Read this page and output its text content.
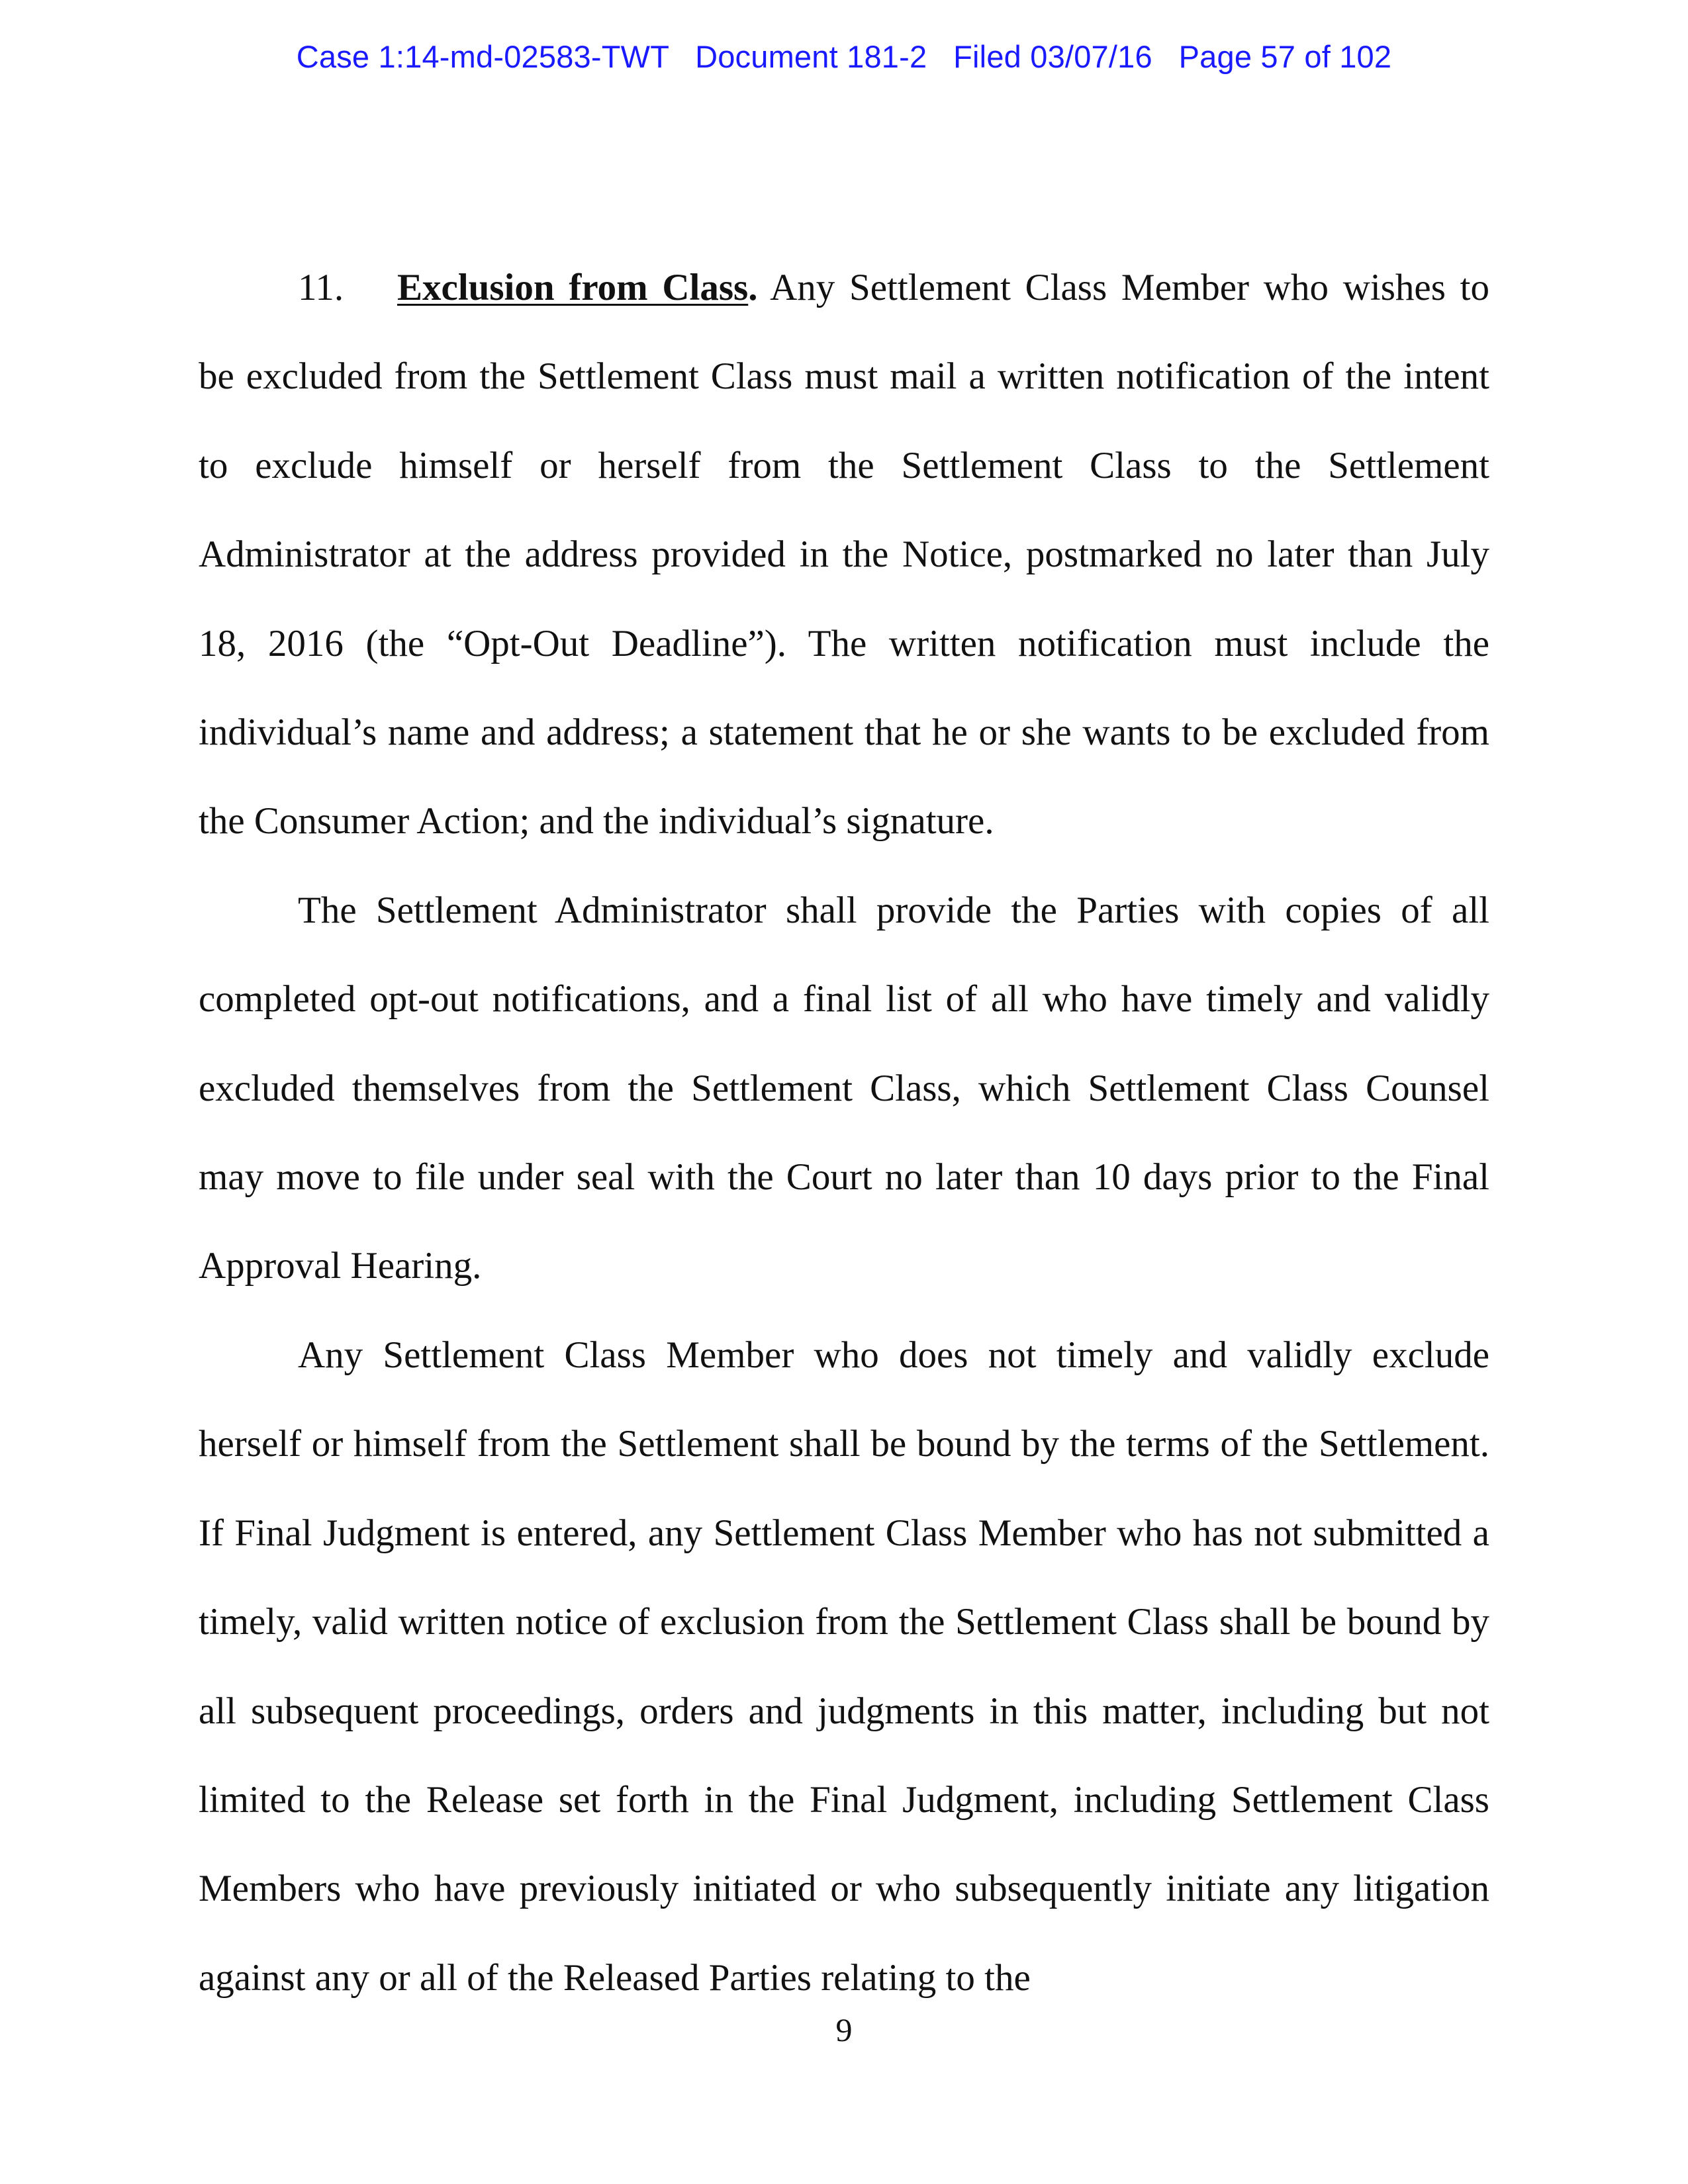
Case 1:14-md-02583-TWT Document 181-2 Filed 03/07/16 Page 57 of 102

11. Exclusion from Class. Any Settlement Class Member who wishes to be excluded from the Settlement Class must mail a written notification of the intent to exclude himself or herself from the Settlement Class to the Settlement Administrator at the address provided in the Notice, postmarked no later than July 18, 2016 (the “Opt-Out Deadline”). The written notification must include the individual’s name and address; a statement that he or she wants to be excluded from the Consumer Action; and the individual’s signature.

The Settlement Administrator shall provide the Parties with copies of all completed opt-out notifications, and a final list of all who have timely and validly excluded themselves from the Settlement Class, which Settlement Class Counsel may move to file under seal with the Court no later than 10 days prior to the Final Approval Hearing.

Any Settlement Class Member who does not timely and validly exclude herself or himself from the Settlement shall be bound by the terms of the Settlement. If Final Judgment is entered, any Settlement Class Member who has not submitted a timely, valid written notice of exclusion from the Settlement Class shall be bound by all subsequent proceedings, orders and judgments in this matter, including but not limited to the Release set forth in the Final Judgment, including Settlement Class Members who have previously initiated or who subsequently initiate any litigation against any or all of the Released Parties relating to the

9
